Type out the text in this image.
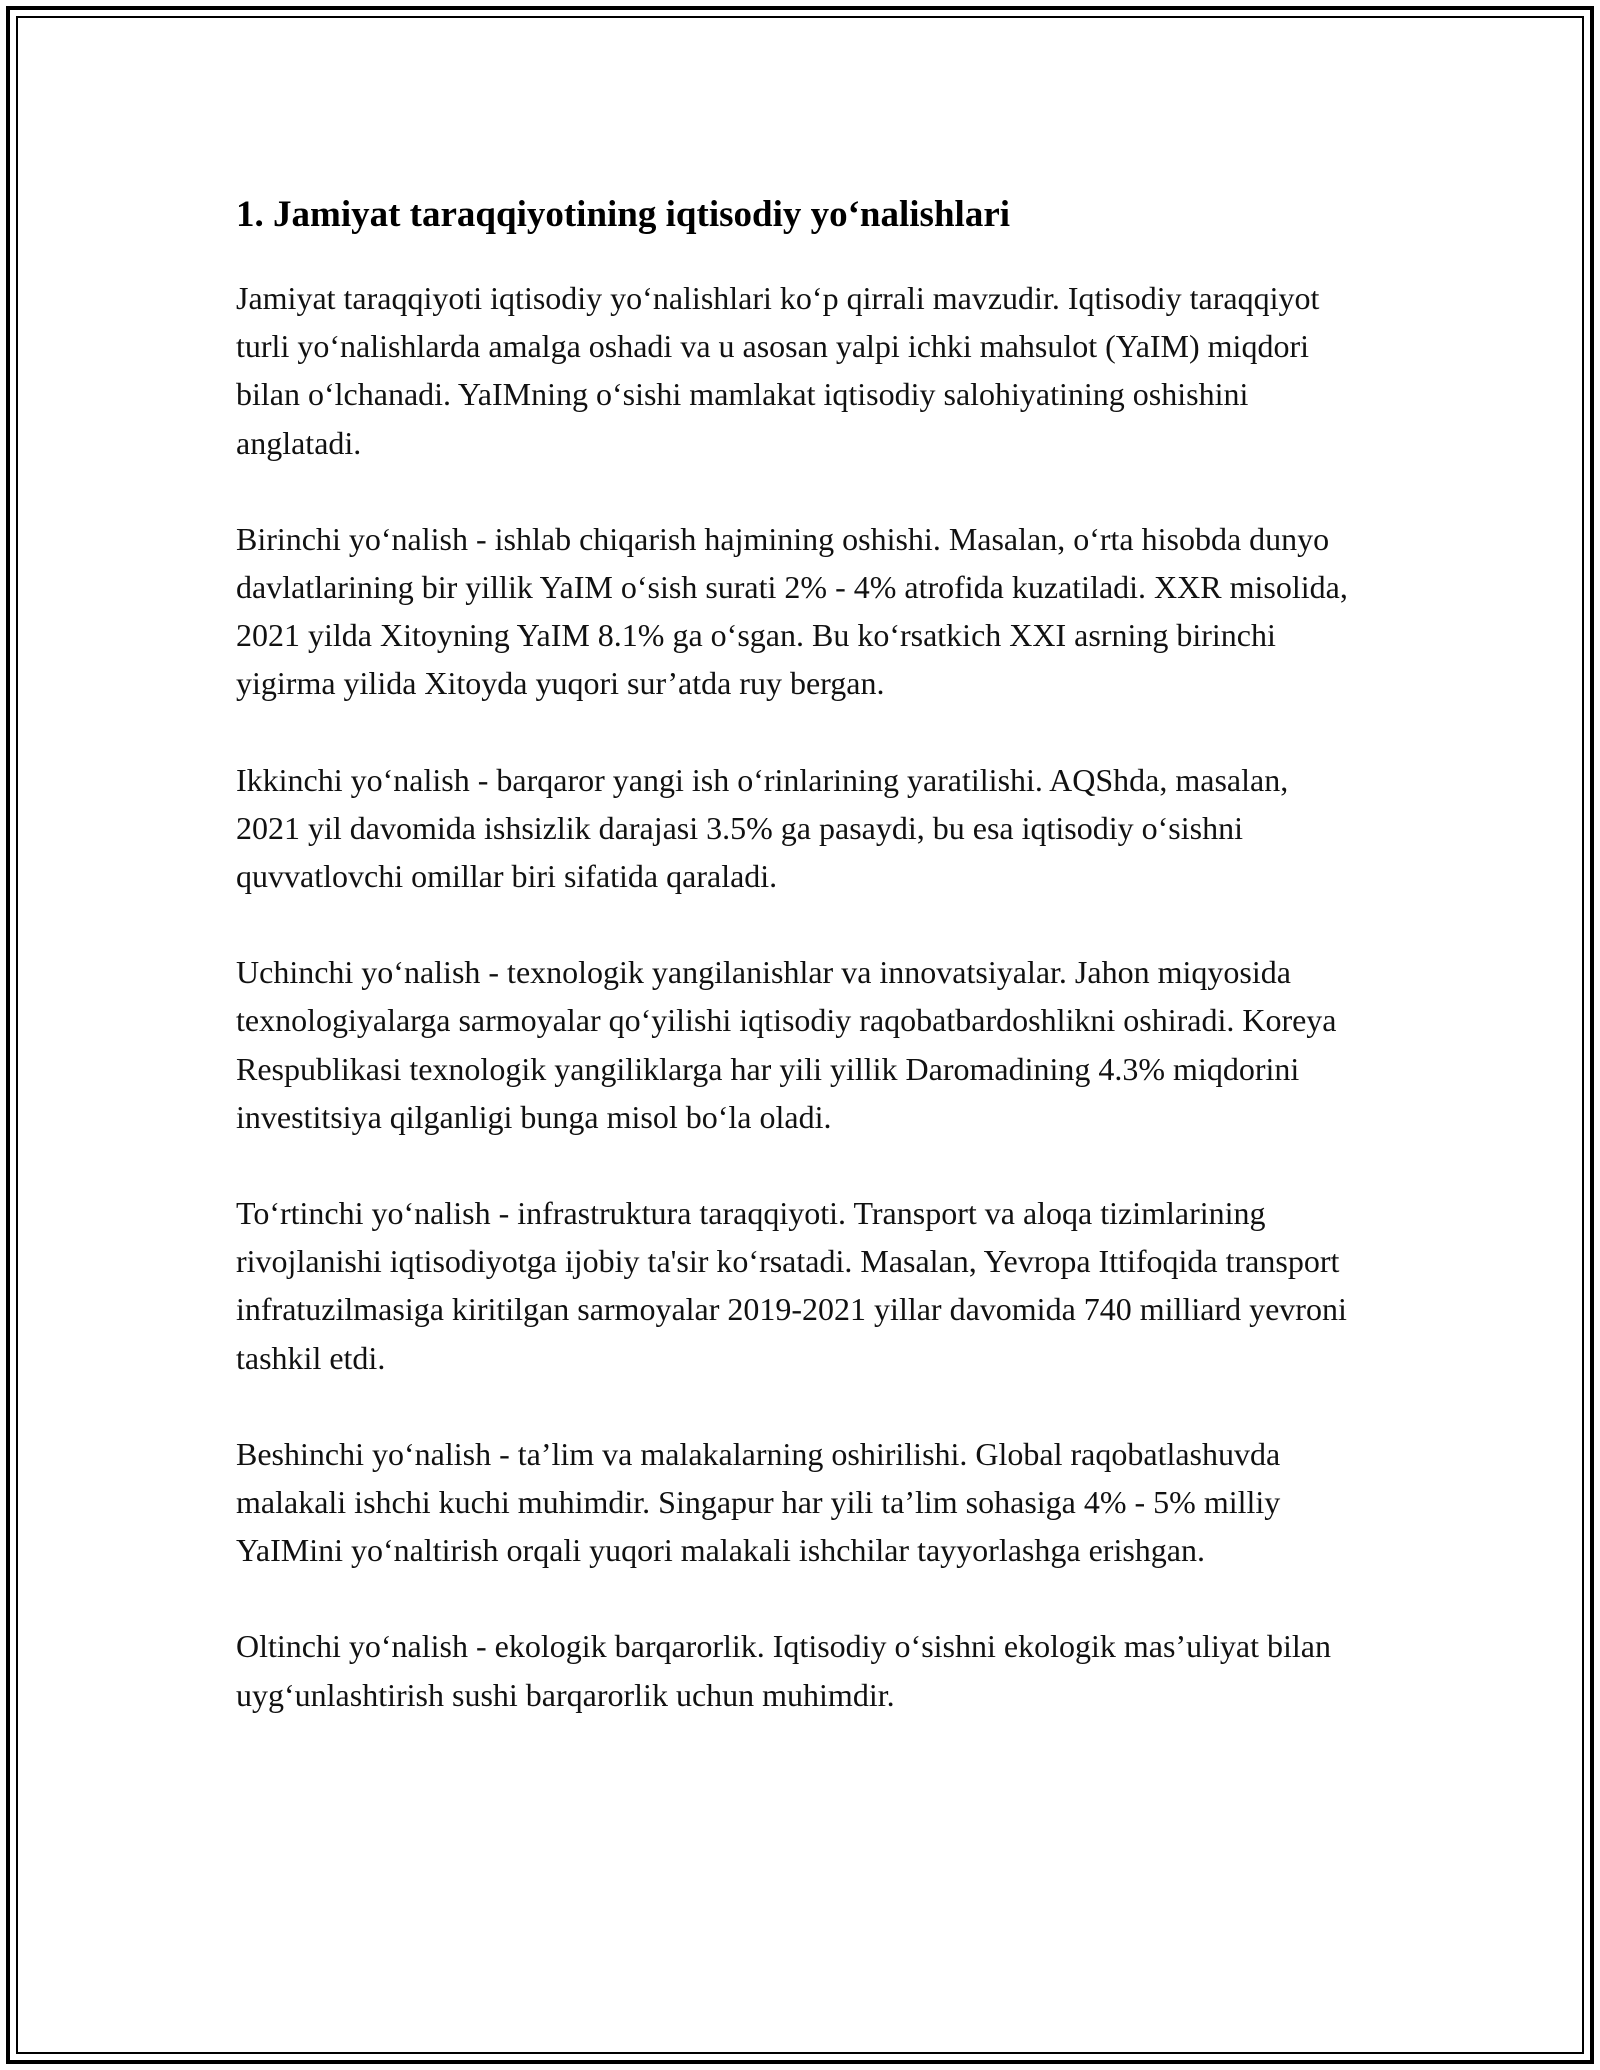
1. Jamiyat taraqqiyotining iqtisodiy yo‘nalishlari

Jamiyat taraqqiyoti iqtisodiy yo‘nalishlari ko‘p qirrali mavzudir. Iqtisodiy taraqqiyot turli yo‘nalishlarda amalga oshadi va u asosan yalpi ichki mahsulot (YaIM) miqdori bilan o‘lchanadi. YaIMning o‘sishi mamlakat iqtisodiy salohiyatining oshishini anglatadi.

Birinchi yo‘nalish - ishlab chiqarish hajmining oshishi. Masalan, o‘rta hisobda dunyo davlatlarining bir yillik YaIM o‘sish surati 2% - 4% atrofida kuzatiladi. XXR misolida, 2021 yilda Xitoyning YaIM 8.1% ga o‘sgan. Bu ko‘rsatkich XXI asrning birinchi yigirma yilida Xitoyda yuqori sur’atda ruy bergan.

Ikkinchi yo‘nalish - barqaror yangi ish o‘rinlarining yaratilishi. AQShda, masalan, 2021 yil davomida ishsizlik darajasi 3.5% ga pasaydi, bu esa iqtisodiy o‘sishni quvvatlovchi omillar biri sifatida qaraladi.

Uchinchi yo‘nalish - texnologik yangilanishlar va innovatsiyalar. Jahon miqyosida texnologiyalarga sarmoyalar qo‘yilishi iqtisodiy raqobatbardoshlikni oshiradi. Koreya Respublikasi texnologik yangiliklarga har yili yillik Daromadining 4.3% miqdorini investitsiya qilganligi bunga misol bo‘la oladi.

To‘rtinchi yo‘nalish - infrastruktura taraqqiyoti. Transport va aloqa tizimlarining rivojlanishi iqtisodiyotga ijobiy ta'sir ko‘rsatadi. Masalan, Yevropa Ittifoqida transport infratuzilmasiga kiritilgan sarmoyalar 2019-2021 yillar davomida 740 milliard yevroni tashkil etdi.

Beshinchi yo‘nalish - ta’lim va malakalarning oshirilishi. Global raqobatlashuvda malakali ishchi kuchi muhimdir. Singapur har yili ta’lim sohasiga 4% - 5% milliy YaIMini yo‘naltirish orqali yuqori malakali ishchilar tayyorlashga erishgan.

Oltinchi yo‘nalish - ekologik barqarorlik. Iqtisodiy o‘sishni ekologik mas’uliyat bilan uyg‘unlashtirish sushi barqarorlik uchun muhimdir.
